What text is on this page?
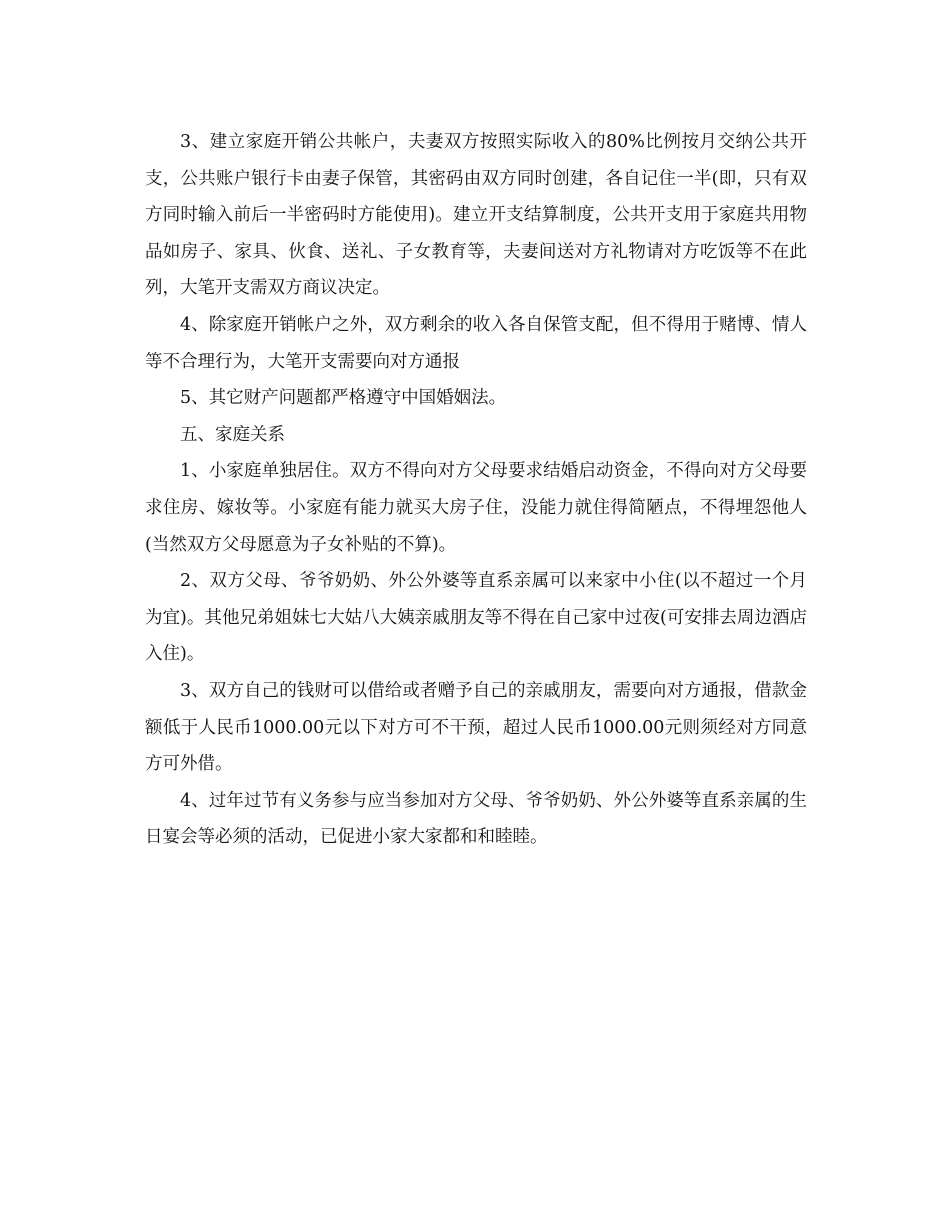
3、建立家庭开销公共帐户，夫妻双方按照实际收入的80%比例按月交纳公共开支，公共账户银行卡由妻子保管，其密码由双方同时创建，各自记住一半(即，只有双方同时输入前后一半密码时方能使用)。建立开支结算制度，公共开支用于家庭共用物品如房子、家具、伙食、送礼、子女教育等，夫妻间送对方礼物请对方吃饭等不在此列，大笔开支需双方商议决定。

4、除家庭开销帐户之外，双方剩余的收入各自保管支配，但不得用于赌博、情人等不合理行为，大笔开支需要向对方通报

5、其它财产问题都严格遵守中国婚姻法。

五、家庭关系

1、小家庭单独居住。双方不得向对方父母要求结婚启动资金，不得向对方父母要求住房、嫁妆等。小家庭有能力就买大房子住，没能力就住得简陋点，不得埋怨他人(当然双方父母愿意为子女补贴的不算)。

2、双方父母、爷爷奶奶、外公外婆等直系亲属可以来家中小住(以不超过一个月为宜)。其他兄弟姐妹七大姑八大姨亲戚朋友等不得在自己家中过夜(可安排去周边酒店入住)。

3、双方自己的钱财可以借给或者赠予自己的亲戚朋友，需要向对方通报，借款金额低于人民币1000.00元以下对方可不干预，超过人民币1000.00元则须经对方同意方可外借。

4、过年过节有义务参与应当参加对方父母、爷爷奶奶、外公外婆等直系亲属的生日宴会等必须的活动，已促进小家大家都和和睦睦。
